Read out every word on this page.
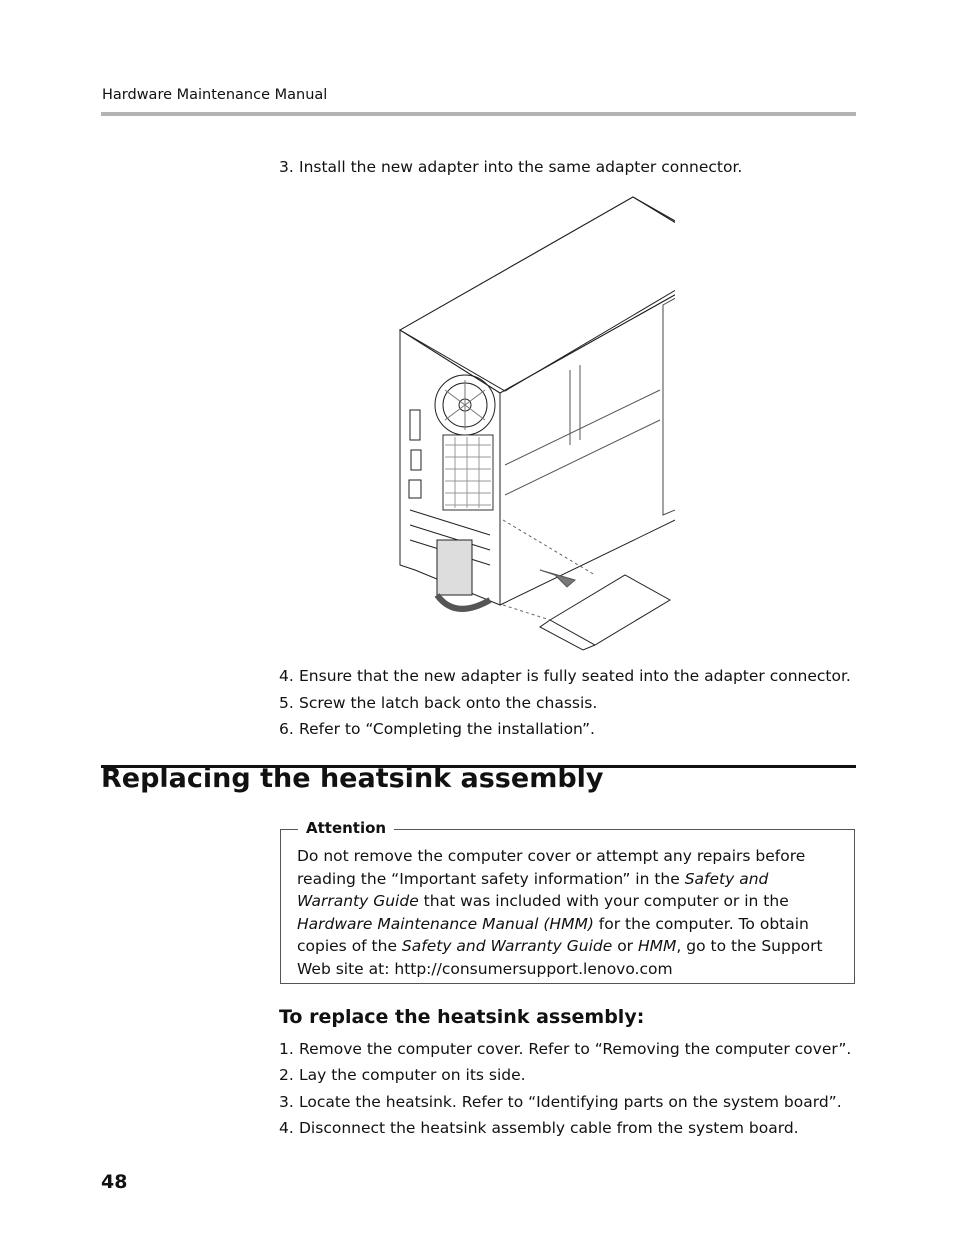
Hardware Maintenance Manual
3. Install the new adapter into the same adapter connector.
4. Ensure that the new adapter is fully seated into the adapter connector.
5. Screw the latch back onto the chassis.
6. Refer to “Completing the installation”.
Replacing the heatsink assembly
Attention

Do not remove the computer cover or attempt any repairs before reading the “Important safety information” in the Safety and Warranty Guide that was included with your computer or in the Hardware Maintenance Manual (HMM) for the computer. To obtain copies of the Safety and Warranty Guide or HMM, go to the Support Web site at: http://consumersupport.lenovo.com

To replace the heatsink assembly:
1. Remove the computer cover. Refer to “Removing the computer cover”.
2. Lay the computer on its side.
3. Locate the heatsink. Refer to “Identifying parts on the system board”.
4. Disconnect the heatsink assembly cable from the system board.
48
